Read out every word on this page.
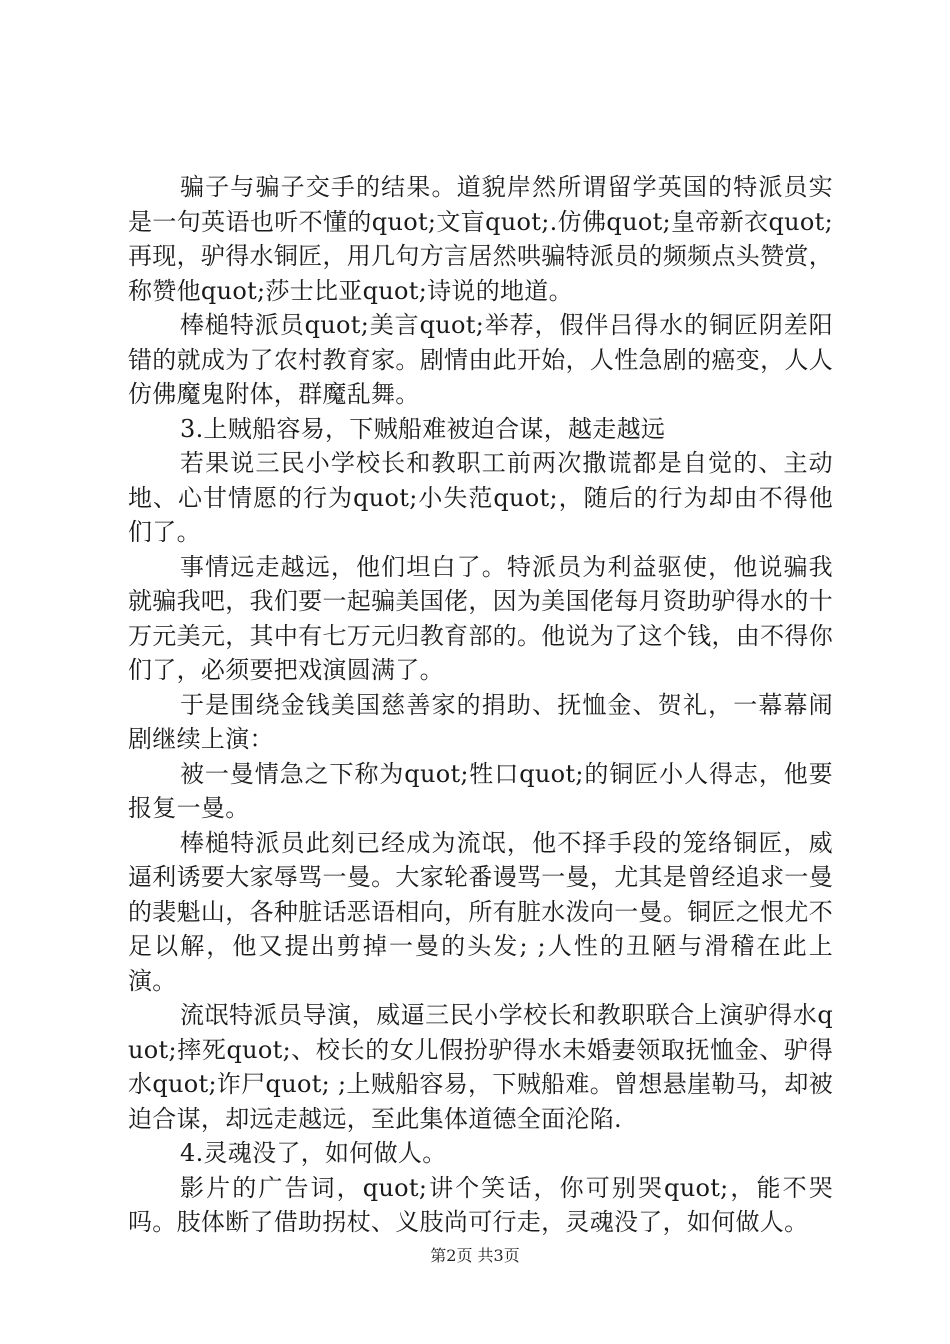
骗子与骗子交手的结果。道貌岸然所谓留学英国的特派员实是一句英语也听不懂的quot;文盲quot;.仿佛quot;皇帝新衣quot;再现，驴得水铜匠，用几句方言居然哄骗特派员的频频点头赞赏，称赞他quot;莎士比亚quot;诗说的地道。

棒槌特派员quot;美言quot;举荐，假伴吕得水的铜匠阴差阳错的就成为了农村教育家。剧情由此开始，人性急剧的癌变，人人仿佛魔鬼附体，群魔乱舞。

3.上贼船容易，下贼船难被迫合谋，越走越远

若果说三民小学校长和教职工前两次撒谎都是自觉的、主动地、心甘情愿的行为quot;小失范quot;，随后的行为却由不得他们了。

事情远走越远，他们坦白了。特派员为利益驱使，他说骗我就骗我吧，我们要一起骗美国佬，因为美国佬每月资助驴得水的十万元美元，其中有七万元归教育部的。他说为了这个钱，由不得你们了，必须要把戏演圆满了。

于是围绕金钱美国慈善家的捐助、抚恤金、贺礼，一幕幕闹剧继续上演：

被一曼情急之下称为quot;牲口quot;的铜匠小人得志，他要报复一曼。

棒槌特派员此刻已经成为流氓，他不择手段的笼络铜匠，威逼利诱要大家辱骂一曼。大家轮番谩骂一曼，尤其是曾经追求一曼的裴魁山，各种脏话恶语相向，所有脏水泼向一曼。铜匠之恨尤不足以解，他又提出剪掉一曼的头发; ;人性的丑陋与滑稽在此上演。

流氓特派员导演，威逼三民小学校长和教职联合上演驴得水quot;摔死quot;、校长的女儿假扮驴得水未婚妻领取抚恤金、驴得水quot;诈尸quot; ;上贼船容易，下贼船难。曾想悬崖勒马，却被迫合谋，却远走越远，至此集体道德全面沦陷.

4.灵魂没了，如何做人。

影片的广告词，quot;讲个笑话，你可别哭quot;，能不哭吗。肢体断了借助拐杖、义肢尚可行走，灵魂没了，如何做人。

第2页 共3页
